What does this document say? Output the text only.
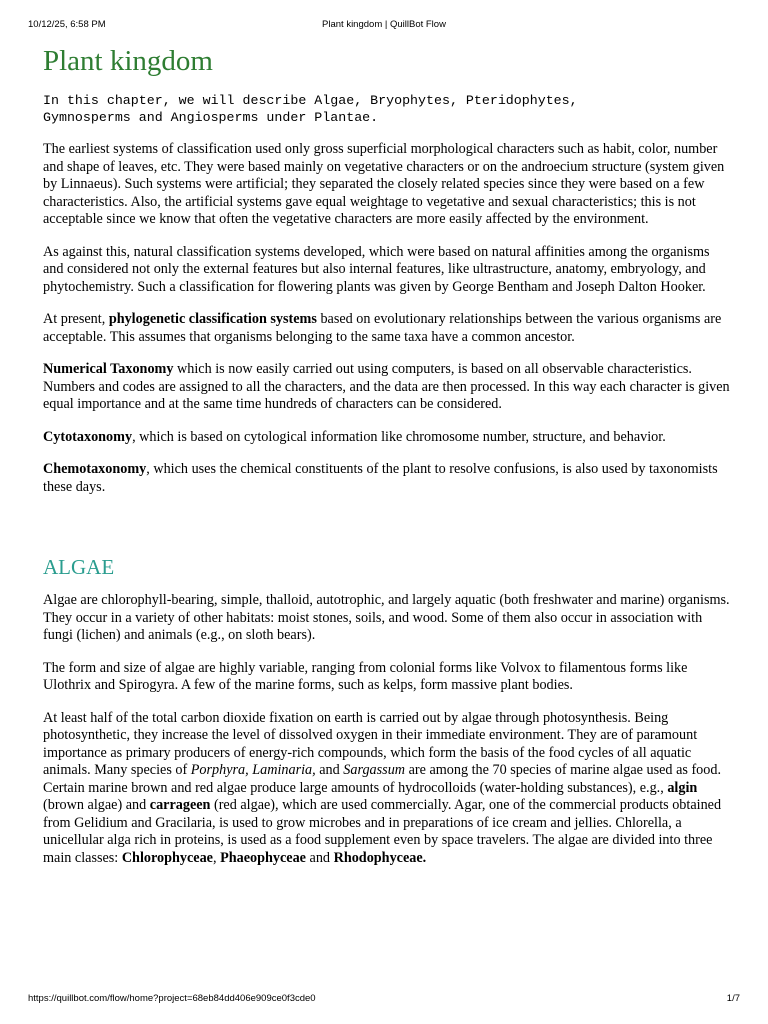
10/12/25, 6:58 PM	Plant kingdom | QuillBot Flow
Plant kingdom
In this chapter, we will describe Algae, Bryophytes, Pteridophytes,
Gymnosperms and Angiosperms under Plantae.

The earliest systems of classification used only gross superficial morphological characters such as habit, color, number and shape of leaves, etc. They were based mainly on vegetative characters or on the androecium structure (system given by Linnaeus). Such systems were artificial; they separated the closely related species since they were based on a few characteristics. Also, the artificial systems gave equal weightage to vegetative and sexual characteristics; this is not acceptable since we know that often the vegetative characters are more easily affected by the environment.

As against this, natural classification systems developed, which were based on natural affinities among the organisms and considered not only the external features but also internal features, like ultrastructure, anatomy, embryology, and phytochemistry. Such a classification for flowering plants was given by George Bentham and Joseph Dalton Hooker.

At present, phylogenetic classification systems based on evolutionary relationships between the various organisms are acceptable. This assumes that organisms belonging to the same taxa have a common ancestor.

Numerical Taxonomy which is now easily carried out using computers, is based on all observable characteristics. Numbers and codes are assigned to all the characters, and the data are then processed. In this way each character is given equal importance and at the same time hundreds of characters can be considered.

Cytotaxonomy, which is based on cytological information like chromosome number, structure, and behavior.

Chemotaxonomy, which uses the chemical constituents of the plant to resolve confusions, is also used by taxonomists these days.

ALGAE

Algae are chlorophyll-bearing, simple, thalloid, autotrophic, and largely aquatic (both freshwater and marine) organisms. They occur in a variety of other habitats: moist stones, soils, and wood. Some of them also occur in association with fungi (lichen) and animals (e.g., on sloth bears).

The form and size of algae are highly variable, ranging from colonial forms like Volvox to filamentous forms like Ulothrix and Spirogyra. A few of the marine forms, such as kelps, form massive plant bodies.

At least half of the total carbon dioxide fixation on earth is carried out by algae through photosynthesis. Being photosynthetic, they increase the level of dissolved oxygen in their immediate environment. They are of paramount importance as primary producers of energy-rich compounds, which form the basis of the food cycles of all aquatic animals. Many species of Porphyra, Laminaria, and Sargassum are among the 70 species of marine algae used as food. Certain marine brown and red algae produce large amounts of hydrocolloids (water-holding substances), e.g., algin (brown algae) and carrageen (red algae), which are used commercially. Agar, one of the commercial products obtained from Gelidium and Gracilaria, is used to grow microbes and in preparations of ice cream and jellies. Chlorella, a unicellular alga rich in proteins, is used as a food supplement even by space travelers. The algae are divided into three main classes: Chlorophyceae, Phaeophyceae and Rhodophyceae.

https://quillbot.com/flow/home?project=68eb84dd406e909ce0f3cde0	1/7
